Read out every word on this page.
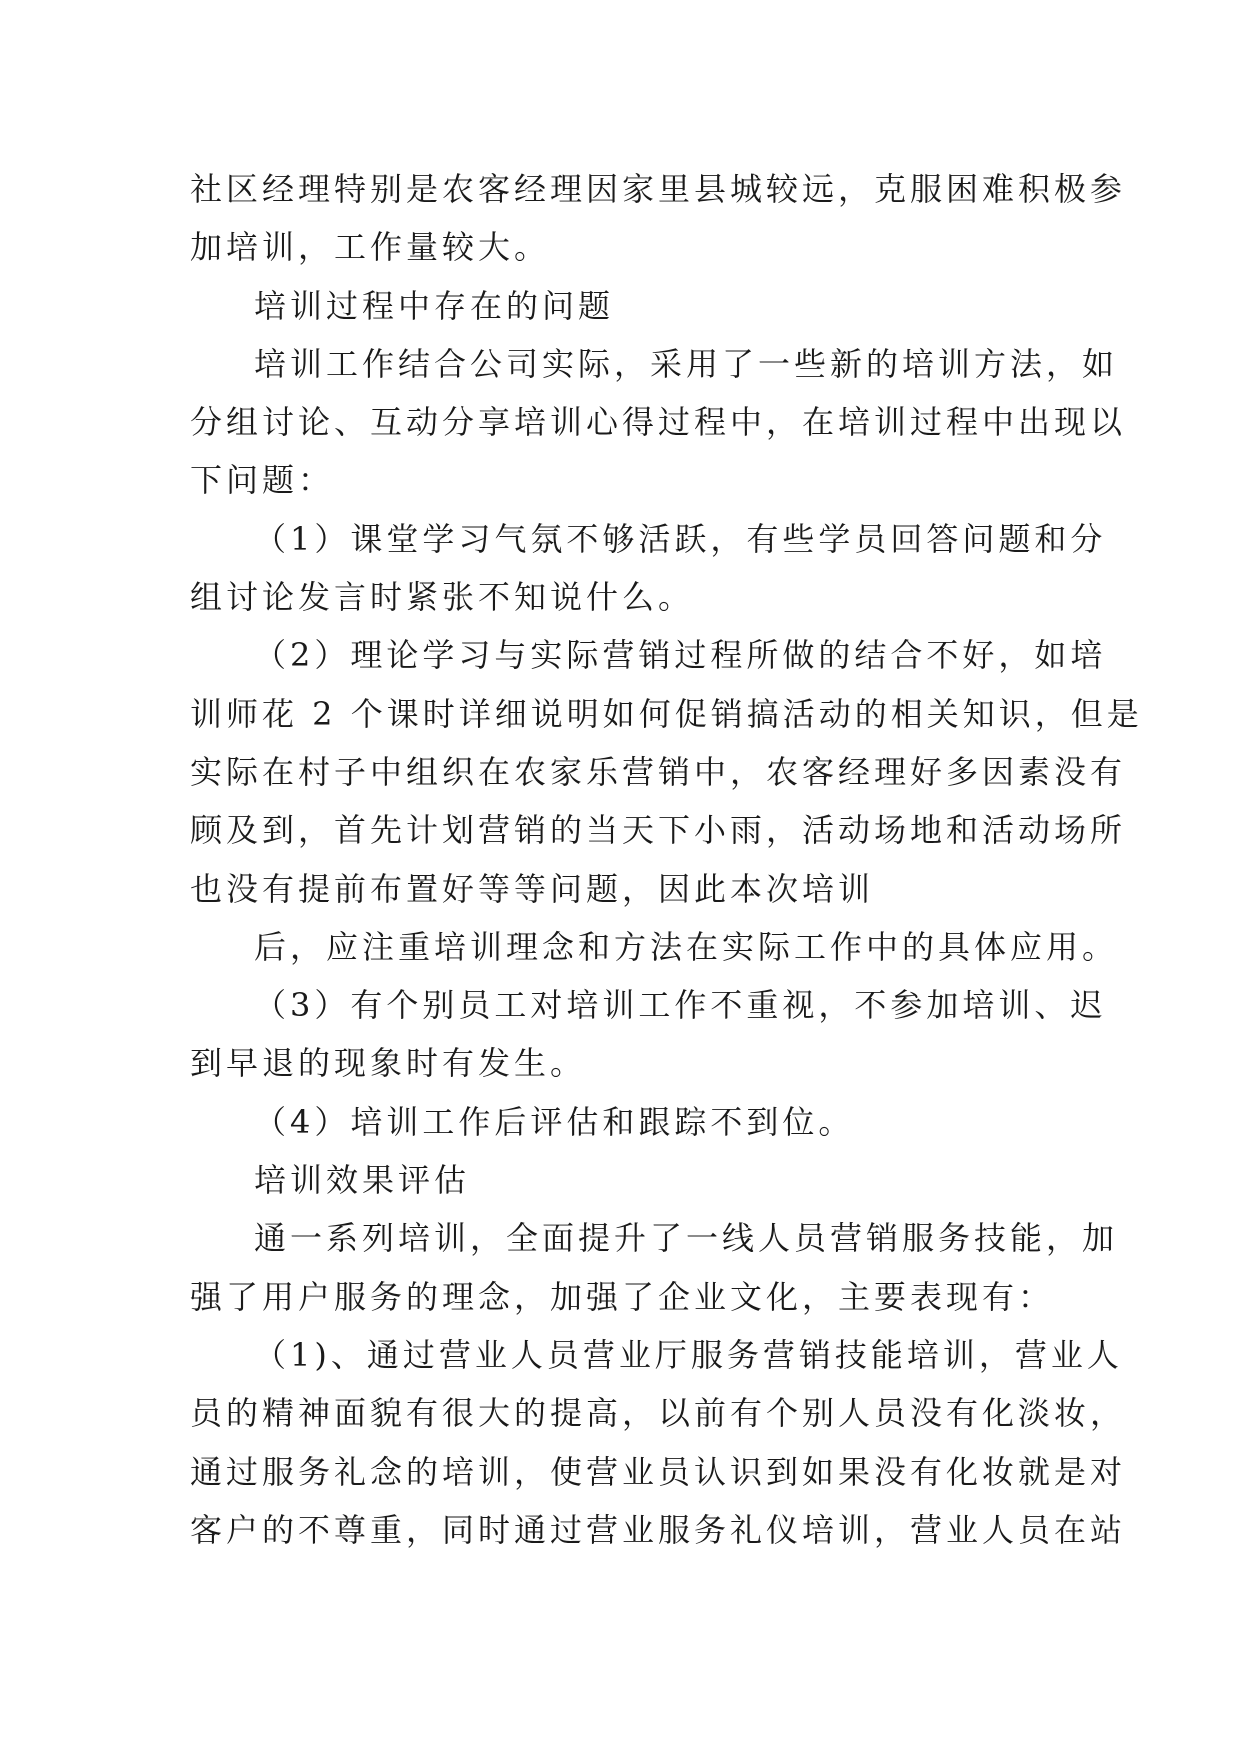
社区经理特别是农客经理因家里县城较远，克服困难积极参

加培训，工作量较大。

培训过程中存在的问题

培训工作结合公司实际，采用了一些新的培训方法，如

分组讨论、互动分享培训心得过程中，在培训过程中出现以

下问题：

（1）课堂学习气氛不够活跃，有些学员回答问题和分

组讨论发言时紧张不知说什么。

（2）理论学习与实际营销过程所做的结合不好，如培

训师花 2 个课时详细说明如何促销搞活动的相关知识，但是

实际在村子中组织在农家乐营销中，农客经理好多因素没有

顾及到，首先计划营销的当天下小雨，活动场地和活动场所

也没有提前布置好等等问题，因此本次培训

后，应注重培训理念和方法在实际工作中的具体应用。

（3）有个别员工对培训工作不重视，不参加培训、迟

到早退的现象时有发生。

（4）培训工作后评估和跟踪不到位。

培训效果评估

通一系列培训，全面提升了一线人员营销服务技能，加

强了用户服务的理念，加强了企业文化，主要表现有：

（1)、通过营业人员营业厅服务营销技能培训，营业人

员的精神面貌有很大的提高，以前有个别人员没有化淡妆，

通过服务礼念的培训，使营业员认识到如果没有化妆就是对

客户的不尊重，同时通过营业服务礼仪培训，营业人员在站
